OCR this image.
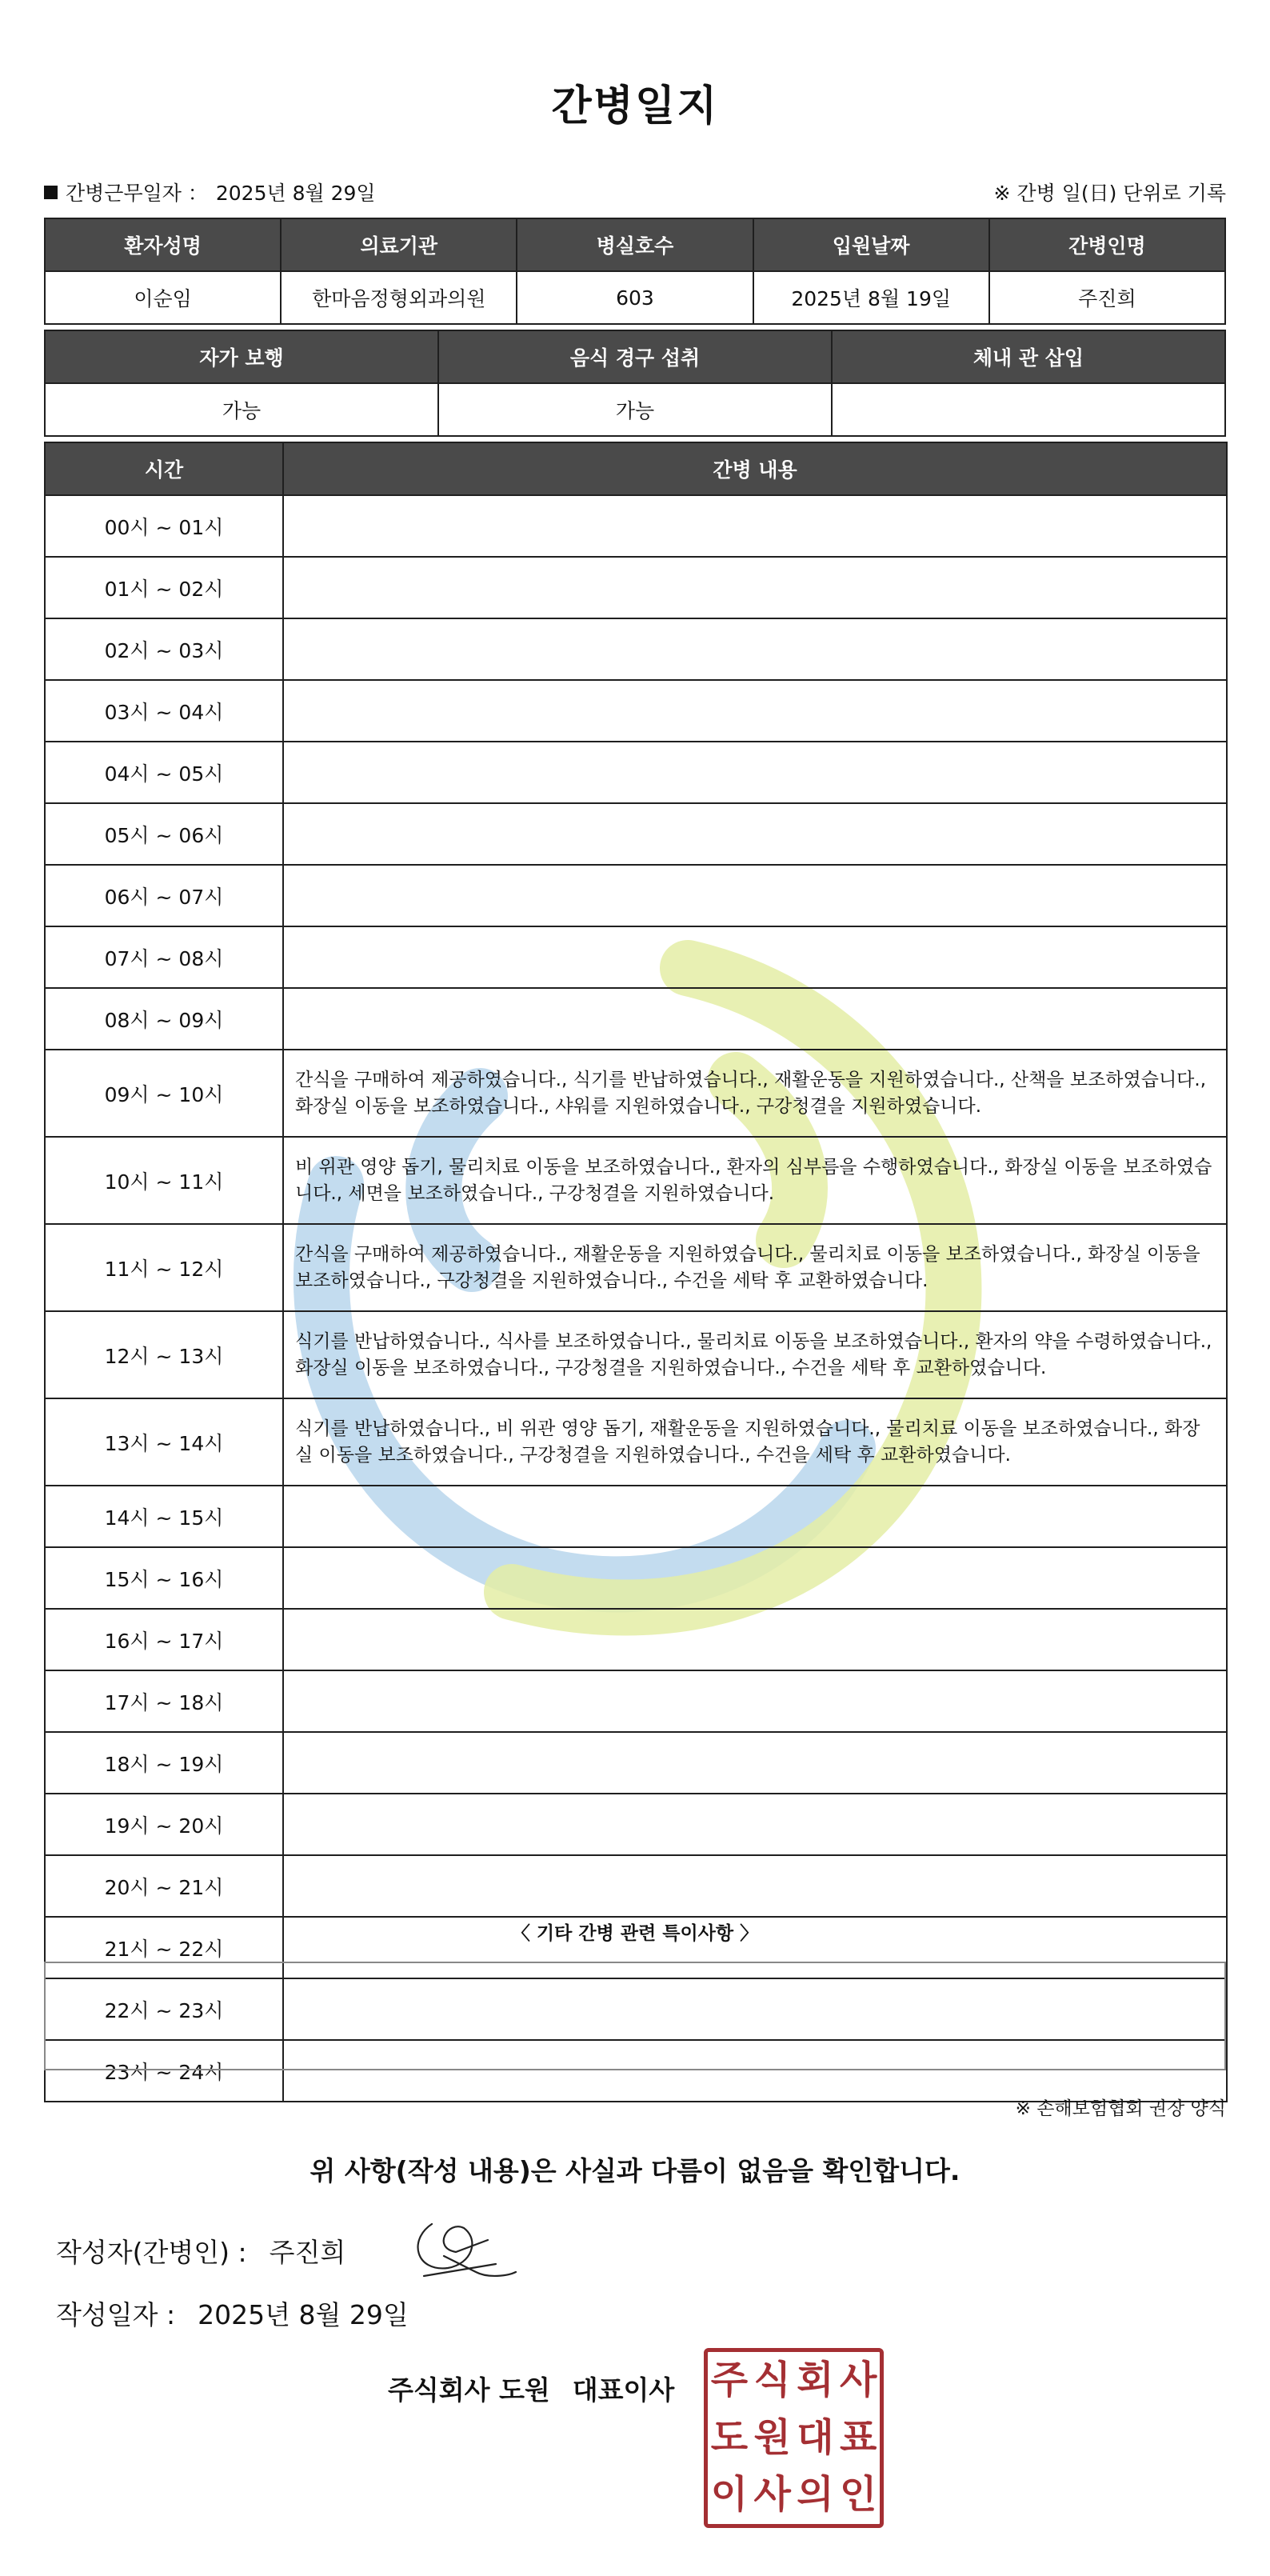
간병일지
간병근무일자 ： 2025년 8월 29일	※ 간병 일(日) 단위로 기록
환자성명	의료기관	병실호수	입원날짜	간병인명
이순임	한마음정형외과의원	603	2025년 8월 19일	주진희
자가 보행	음식 경구 섭취	체내 관 삽입
가능	가능	
시간	간병 내용
00시 ~ 01시	
01시 ~ 02시	
02시 ~ 03시	
03시 ~ 04시	
04시 ~ 05시	
05시 ~ 06시	
06시 ~ 07시	
07시 ~ 08시	
08시 ~ 09시	
09시 ~ 10시	간식을 구매하여 제공하였습니다., 식기를 반납하였습니다., 재활운동을 지원하였습니다., 산책을 보조하였습니다., 화장실 이동을 보조하였습니다., 샤워를 지원하였습니다., 구강청결을 지원하였습니다.
10시 ~ 11시	비 위관 영양 돕기, 물리치료 이동을 보조하였습니다., 환자의 심부름을 수행하였습니다., 화장실 이동을 보조하였습니다., 세면을 보조하였습니다., 구강청결을 지원하였습니다.
11시 ~ 12시	간식을 구매하여 제공하였습니다., 재활운동을 지원하였습니다., 물리치료 이동을 보조하였습니다., 화장실 이동을 보조하였습니다., 구강청결을 지원하였습니다., 수건을 세탁 후 교환하였습니다.
12시 ~ 13시	식기를 반납하였습니다., 식사를 보조하였습니다., 물리치료 이동을 보조하였습니다., 환자의 약을 수령하였습니다., 화장실 이동을 보조하였습니다., 구강청결을 지원하였습니다., 수건을 세탁 후 교환하였습니다.
13시 ~ 14시	식기를 반납하였습니다., 비 위관 영양 돕기, 재활운동을 지원하였습니다., 물리치료 이동을 보조하였습니다., 화장실 이동을 보조하였습니다., 구강청결을 지원하였습니다., 수건을 세탁 후 교환하였습니다.
14시 ~ 15시	
15시 ~ 16시	
16시 ~ 17시	
17시 ~ 18시	
18시 ~ 19시	
19시 ~ 20시	
20시 ~ 21시	
21시 ~ 22시	
22시 ~ 23시	
23시 ~ 24시	
〈 기타 간병 관련 특이사항 〉
※ 손해보험협회 권장 양식
위 사항(작성 내용)은 사실과 다름이 없음을 확인합니다.
작성자(간병인) : 주진희
작성일자 : 2025년 8월 29일
주식회사 도원 대표이사 주 식 회 사
도 원 대 표
이 사 의 인
